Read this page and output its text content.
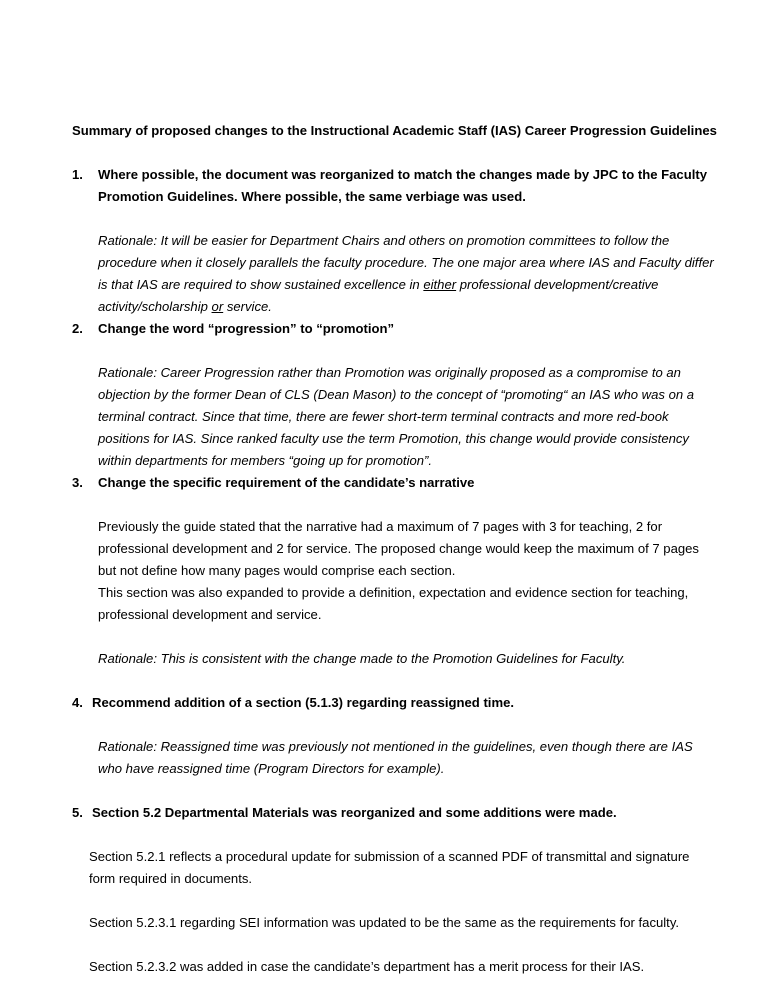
Summary of proposed changes to the Instructional Academic Staff (IAS) Career Progression Guidelines
1. Where possible, the document was reorganized to match the changes made by JPC to the Faculty
Promotion Guidelines. Where possible, the same verbiage was used.

Rationale: It will be easier for Department Chairs and others on promotion committees to follow the procedure when it closely parallels the faculty procedure. The one major area where IAS and Faculty differ is that IAS are required to show sustained excellence in either professional development/creative activity/scholarship or service.

2. Change the word “progression” to “promotion”

Rationale: Career Progression rather than Promotion was originally proposed as a compromise to an objection by the former Dean of CLS (Dean Mason) to the concept of “promoting“ an IAS who was on a terminal contract. Since that time, there are fewer short-term terminal contracts and more red-book positions for IAS. Since ranked faculty use the term Promotion, this change would provide consistency within departments for members “going up for promotion”.

3. Change the specific requirement of the candidate’s narrative

Previously the guide stated that the narrative had a maximum of 7 pages with 3 for teaching, 2 for professional development and 2 for service. The proposed change would keep the maximum of 7 pages but not define how many pages would comprise each section.

This section was also expanded to provide a definition, expectation and evidence section for teaching, professional development and service.

Rationale: This is consistent with the change made to the Promotion Guidelines for Faculty.

4. Recommend addition of a section (5.1.3) regarding reassigned time.

Rationale: Reassigned time was previously not mentioned in the guidelines, even though there are IAS who have reassigned time (Program Directors for example).

5. Section 5.2 Departmental Materials was reorganized and some additions were made.

Section 5.2.1 reflects a procedural update for submission of a scanned PDF of transmittal and signature form required in documents.

Section 5.2.3.1 regarding SEI information was updated to be the same as the requirements for faculty.

Section 5.2.3.2 was added in case the candidate’s department has a merit process for their IAS.
